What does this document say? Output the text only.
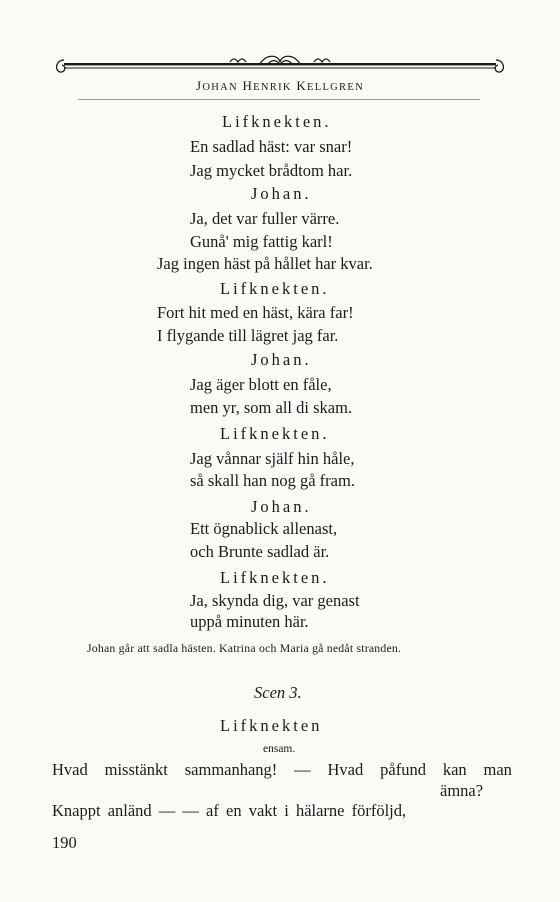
JOHAN HENRIK KELLGREN
Lifknekten.
En sadlad häst: var snar!
Jag mycket brådtom har.
Johan.
Ja, det var fuller värre.
Gunå' mig fattig karl!
Jag ingen häst på hållet har kvar.
Lifknekten.
Fort hit med en häst, kära far!
I flygande till lägret jag far.
Johan.
Jag äger blott en fåle,
men yr, som all di skam.
Lifknekten.
Jag vånnar själf hin håle,
så skall han nog gå fram.
Johan.
Ett ögnablick allenast,
och Brunte sadlad är.
Lifknekten.
Ja, skynda dig, var genast
uppå minuten här.
Johan går att sadla hästen. Katrina och Maria gå nedåt stranden.
Scen 3.
Lifknekten
ensam.
Hvad misstänkt sammanhang! — Hvad påfund kan man
ämna?
Knappt anländ — — af en vakt i hälarne förföljd,
190
